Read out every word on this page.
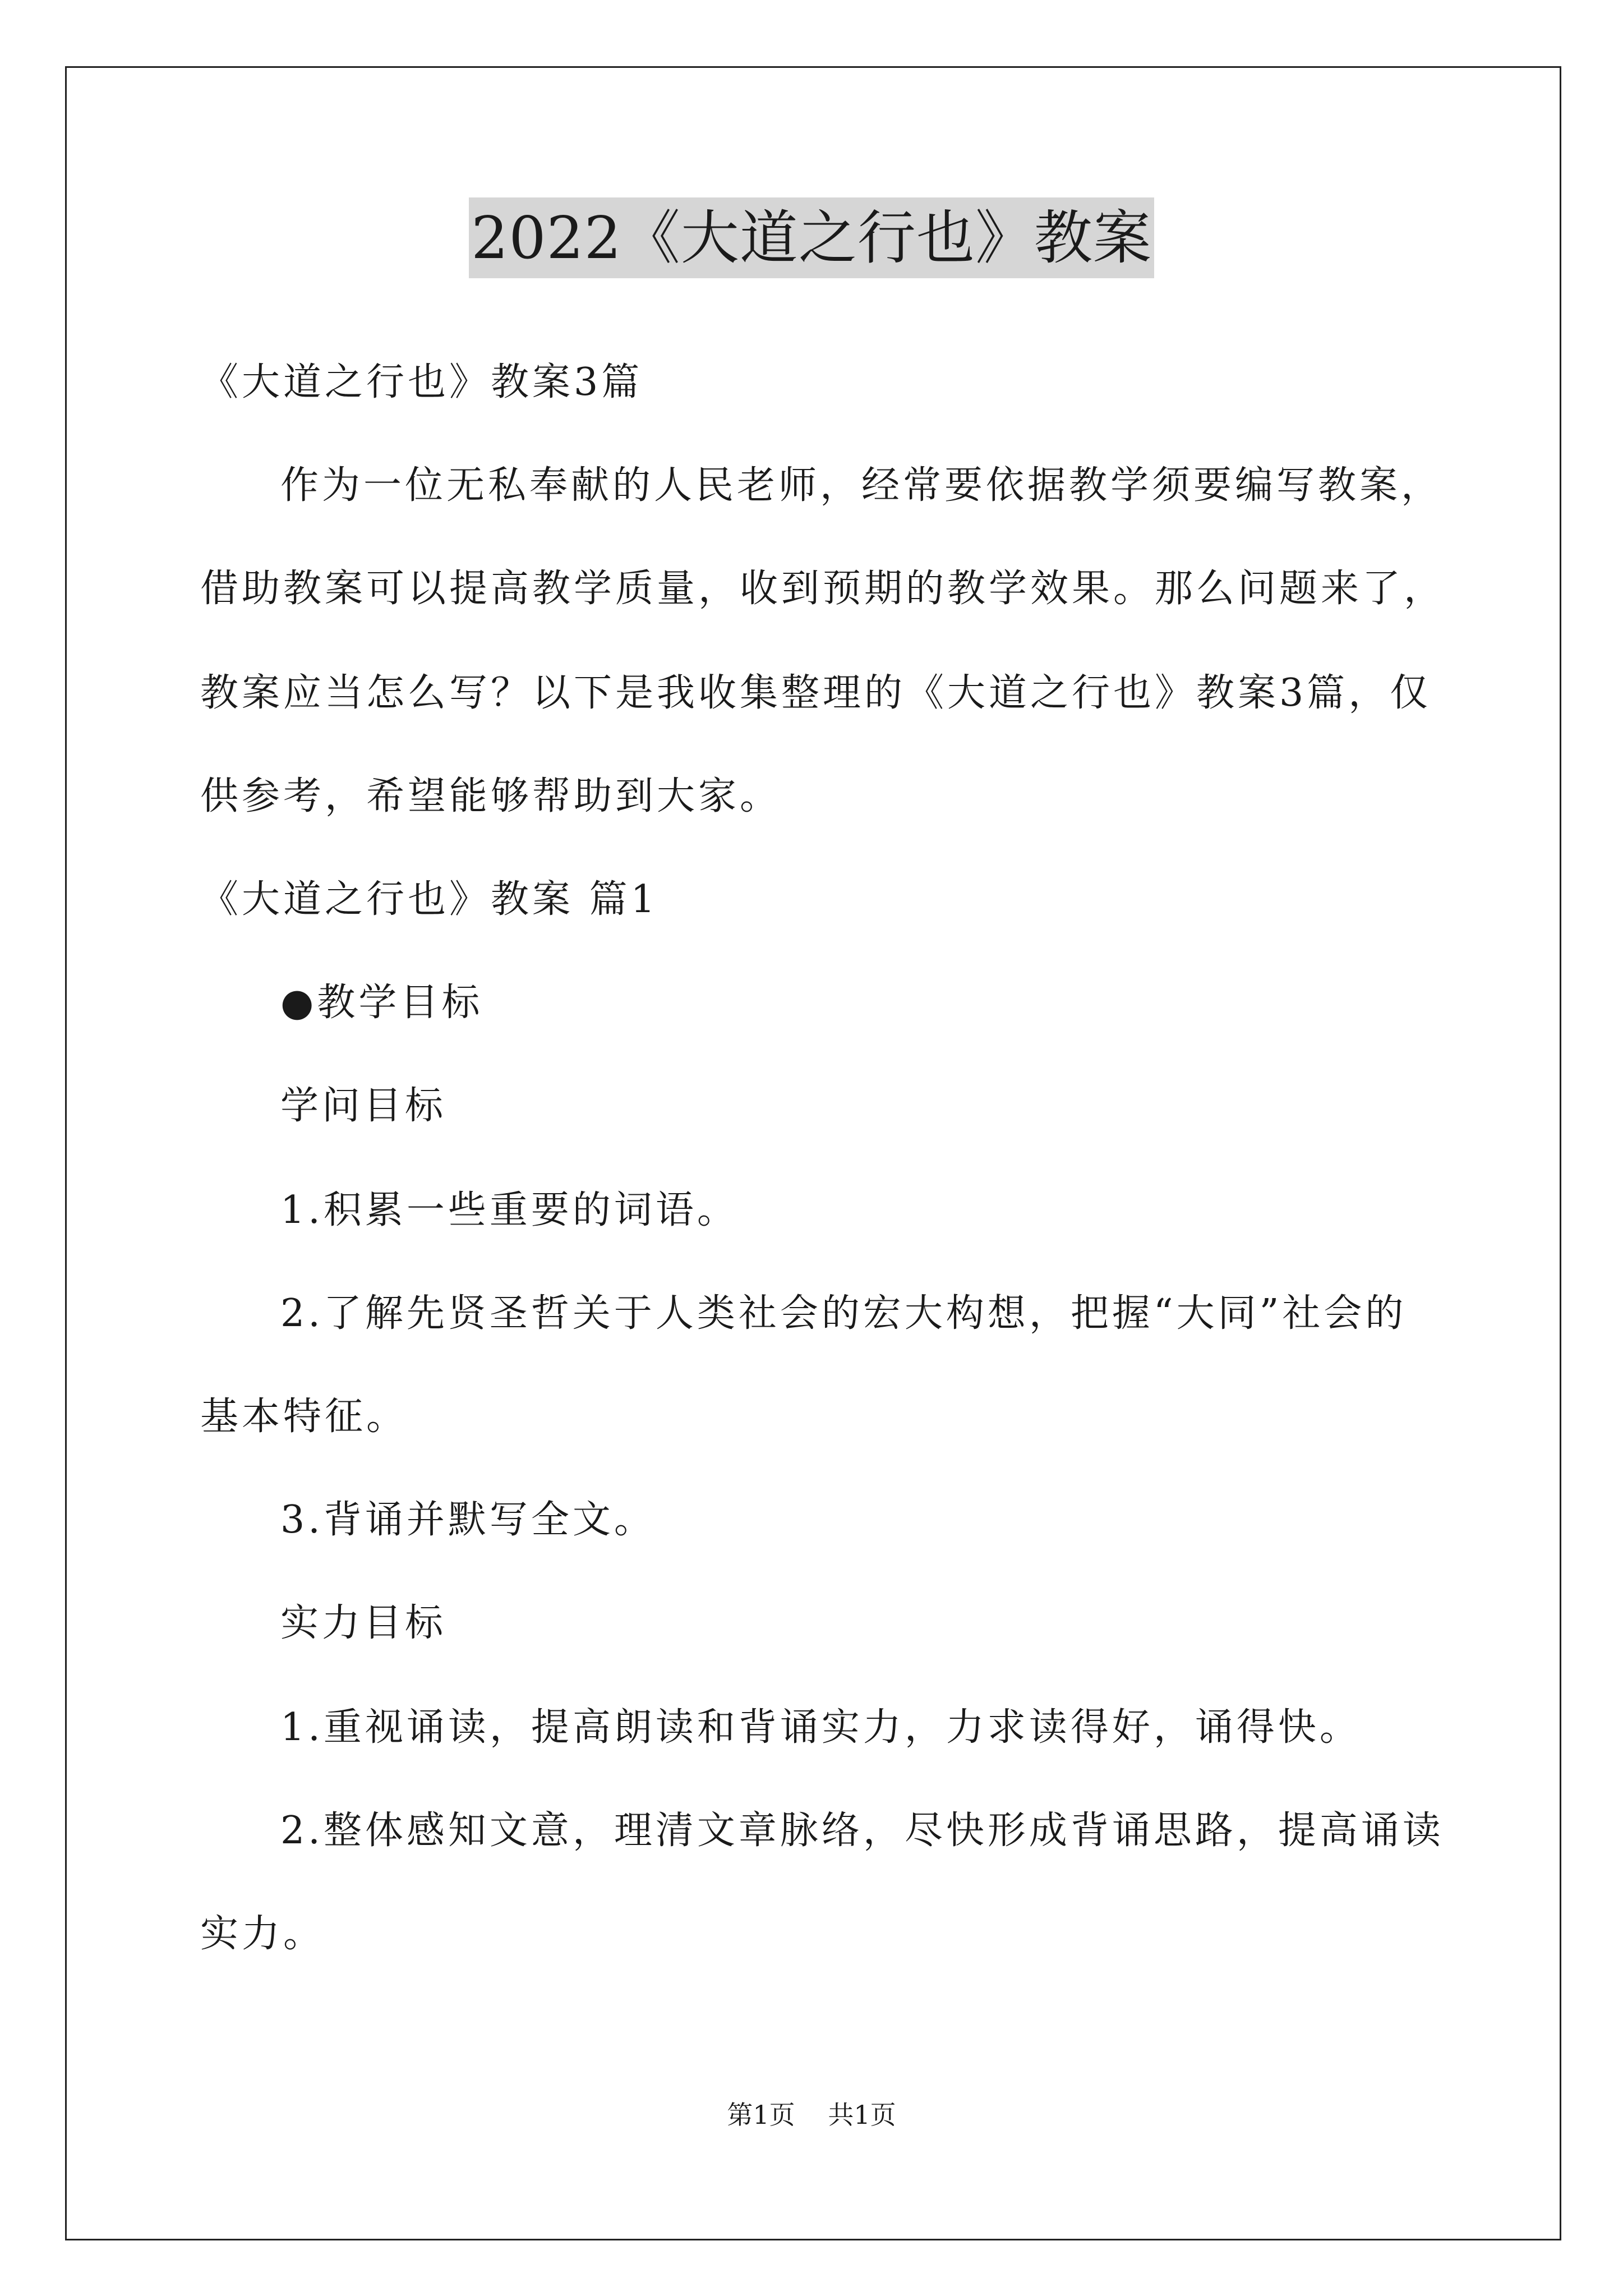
2022《大道之行也》教案
《大道之行也》教案3篇
作为一位无私奉献的人民老师，经常要依据教学须要编写教案，
借助教案可以提高教学质量，收到预期的教学效果。那么问题来了，
教案应当怎么写？以下是我收集整理的《大道之行也》教案3篇，仅
供参考，希望能够帮助到大家。
《大道之行也》教案 篇1
●教学目标
学问目标
1.积累一些重要的词语。
2.了解先贤圣哲关于人类社会的宏大构想，把握“大同”社会的
基本特征。
3.背诵并默写全文。
实力目标
1.重视诵读，提高朗读和背诵实力，力求读得好，诵得快。
2.整体感知文意，理清文章脉络，尽快形成背诵思路，提高诵读
实力。
第1页 共1页
